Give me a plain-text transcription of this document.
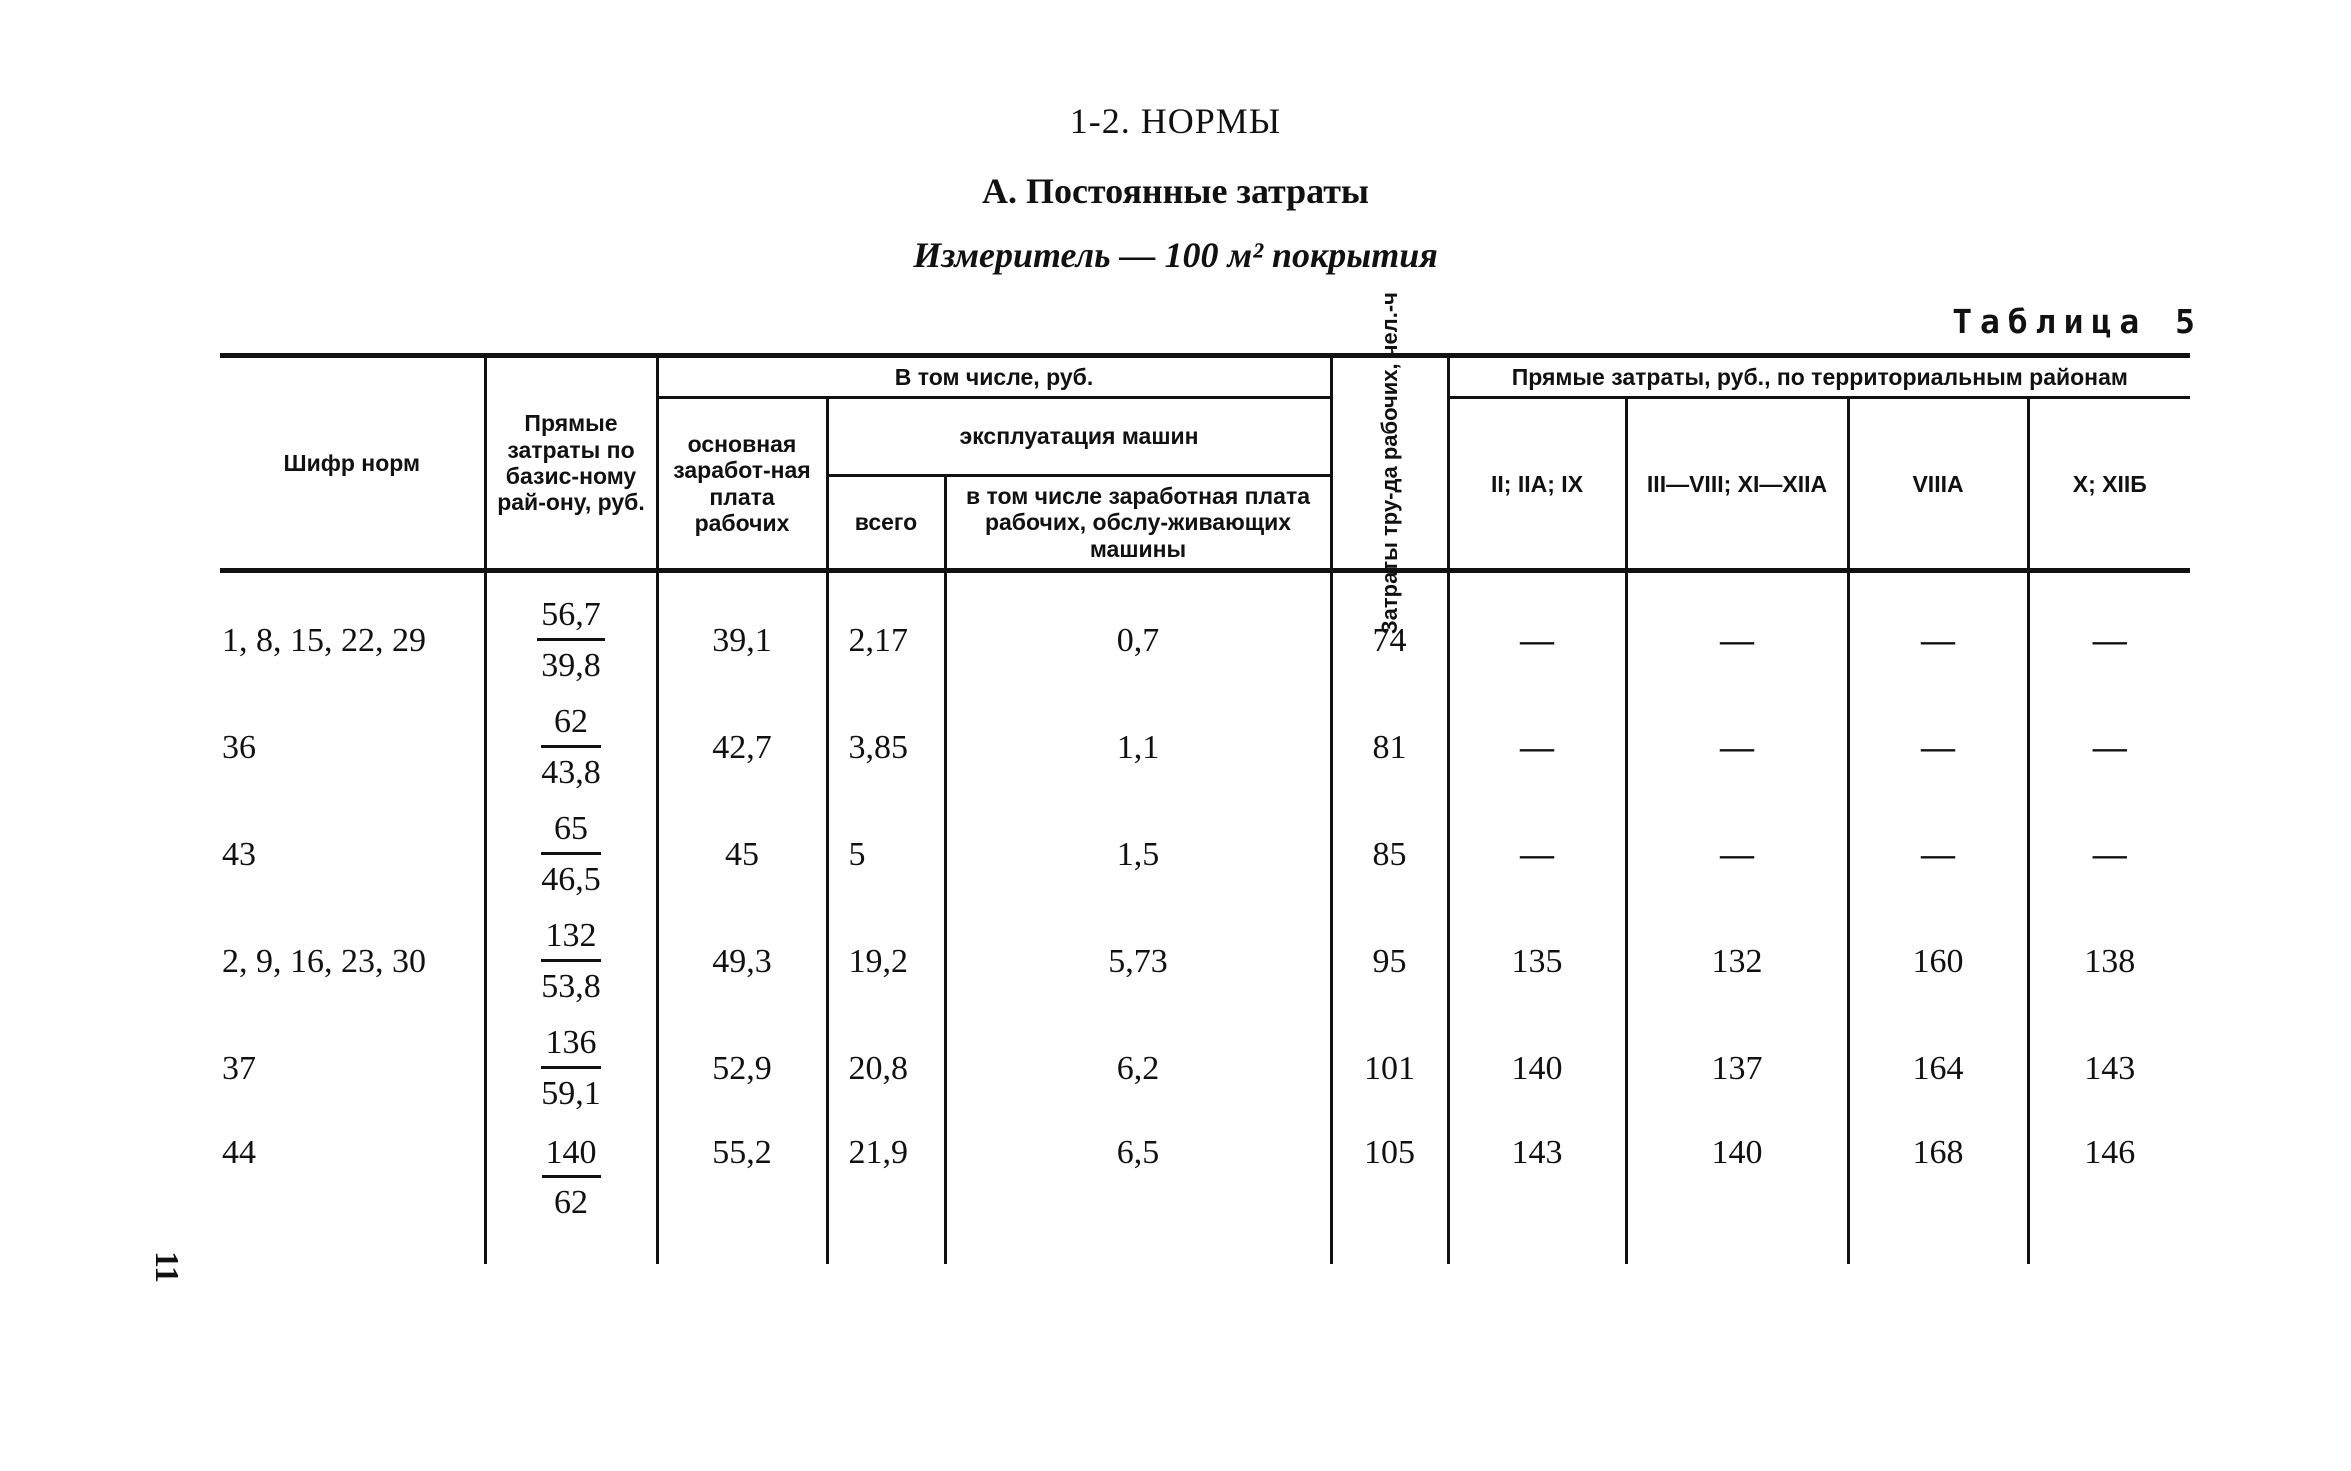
1-2. НОРМЫ
А. Постоянные затраты
Измеритель — 100 м² покрытия
Таблица 5
11
Шифр норм	Прямые затраты по базис-ному рай-ону, руб.	В том числе, руб.			Затраты тру-да рабочих, чел.-ч	Прямые затраты, руб., по территориальным районам			
		основная заработ-ная плата рабочих	эксплуатация машин			II; IIА; IX	III—VIII; XI—XIIА	VIIIА	X; XIIБ
			всего	в том числе заработная плата рабочих, обслу-живающих машины					
1, 8, 15, 22, 29	$\frac{56,7}{39,8}$	39,1	2,17	0,7	74	—	—	—	—
36	$\frac{62}{43,8}$	42,7	3,85	1,1	81	—	—	—	—
43	$\frac{65}{46,5}$	45	5	1,5	85	—	—	—	—
2, 9, 16, 23, 30	$\frac{132}{53,8}$	49,3	19,2	5,73	95	135	132	160	138
37	$\frac{136}{59,1}$	52,9	20,8	6,2	101	140	137	164	143
44	$\frac{140}{62}$	55,2	21,9	6,5	105	143	140	168	146
